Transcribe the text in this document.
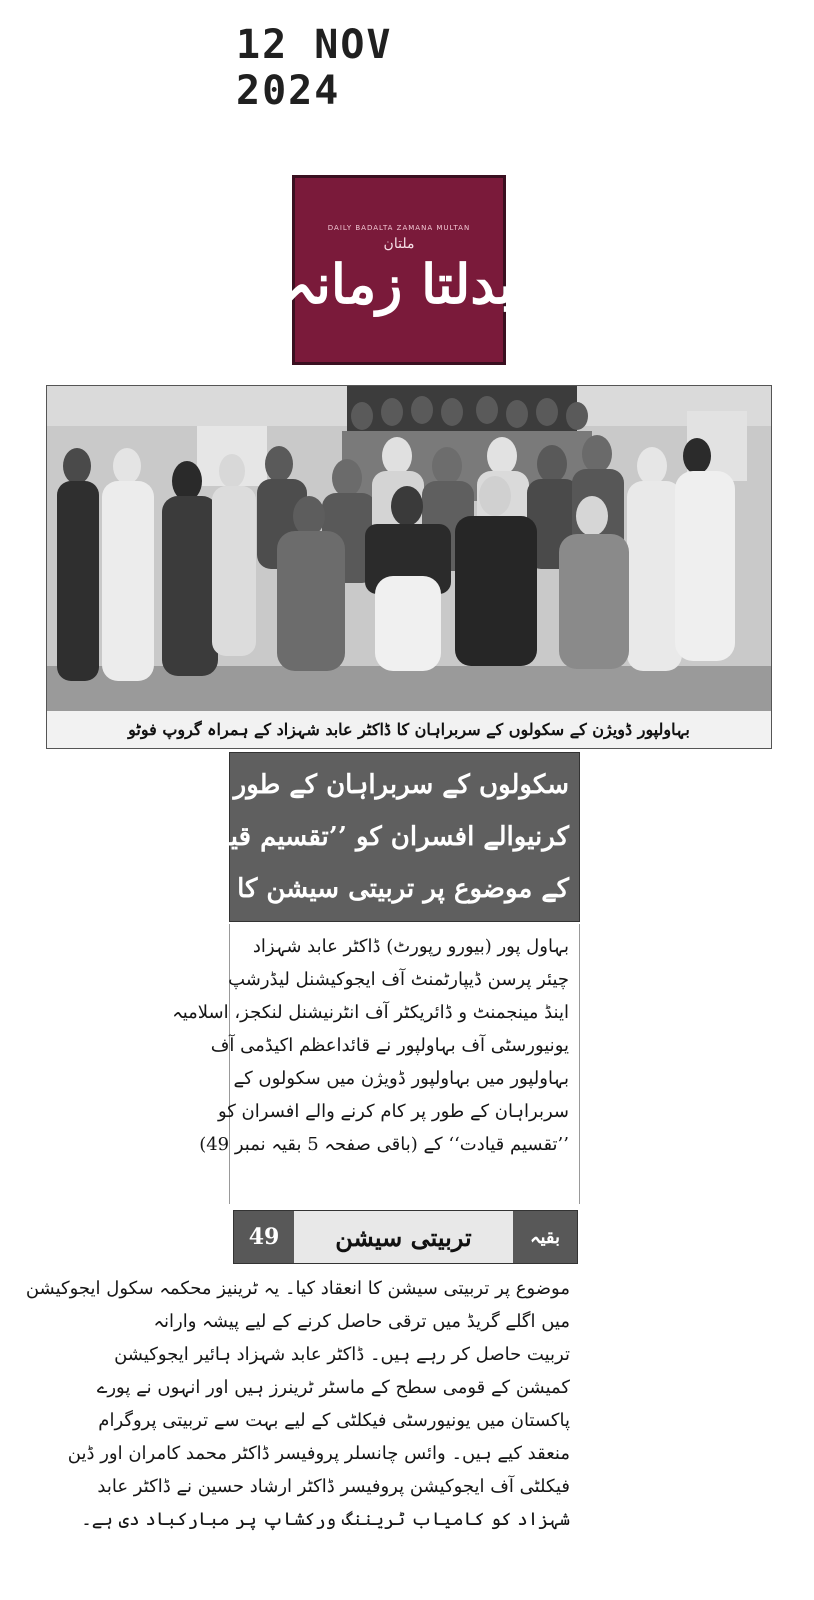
12 NOV 2024
DAILY BADALTA ZAMANA MULTAN
ملتان
بدلتا زمانہ
بہاولپور ڈویژن کے سکولوں کے سربراہان کا ڈاکٹر عابد شہزاد کے ہمراہ گروپ فوٹو
سکولوں کے سربراہان کے طور پر کام
کرنیوالے افسران کو ’’تقسیم قیادت‘‘
کے موضوع پر تربیتی سیشن کا انعقاد
بہاول پور (بیورو رپورٹ) ڈاکٹر عابد شہزاد
چیئر پرسن ڈیپارٹمنٹ آف ایجوکیشنل لیڈرشپ
اینڈ مینجمنٹ و ڈائریکٹر آف انٹرنیشنل لنکجز، اسلامیہ
یونیورسٹی آف بہاولپور نے قائداعظم اکیڈمی آف
بہاولپور میں بہاولپور ڈویژن میں سکولوں کے
سربراہان کے طور پر کام کرنے والے افسران کو
’’تقسیم قیادت‘‘ کے (باقی صفحہ 5 بقیہ نمبر 49)
49	تربیتی سیشن	بقیہ
موضوع پر تربیتی سیشن کا انعقاد کیا۔ یہ ٹرینیز محکمہ سکول ایجوکیشن
میں اگلے گریڈ میں ترقی حاصل کرنے کے لیے پیشہ وارانہ
تربیت حاصل کر رہے ہیں۔ ڈاکٹر عابد شہزاد ہائیر ایجوکیشن
کمیشن کے قومی سطح کے ماسٹر ٹرینرز ہیں اور انہوں نے پورے
پاکستان میں یونیورسٹی فیکلٹی کے لیے بہت سے تربیتی پروگرام
منعقد کیے ہیں۔ وائس چانسلر پروفیسر ڈاکٹر محمد کامران اور ڈین
فیکلٹی آف ایجوکیشن پروفیسر ڈاکٹر ارشاد حسین نے ڈاکٹر عابد
شہزاد کو کامیاب ٹریننگ ورکشاپ پر مبارکباد دی ہے۔
